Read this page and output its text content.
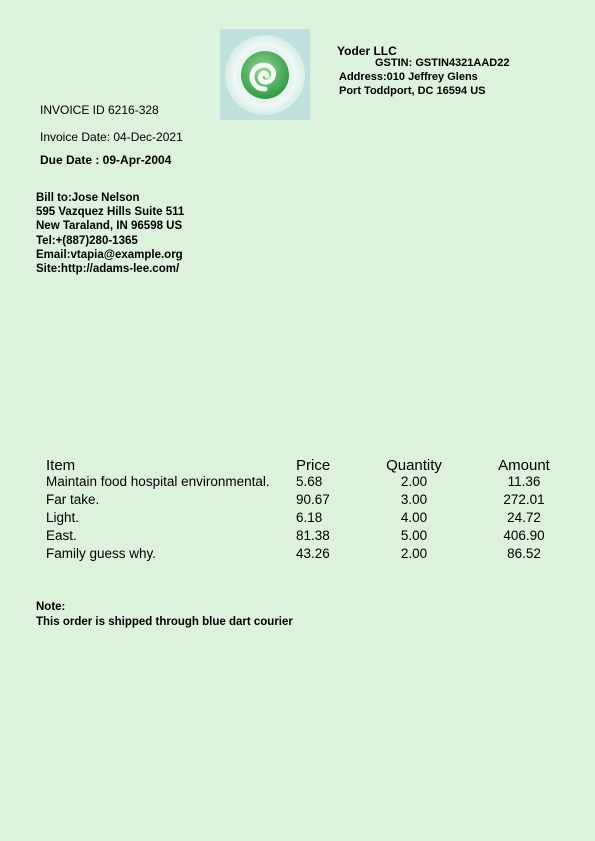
Yoder LLC
GSTIN: GSTIN4321AAD22
Address:010 Jeffrey Glens
Port Toddport, DC 16594 US
INVOICE ID 6216-328
Invoice Date: 04-Dec-2021
Due Date : 09-Apr-2004
Bill to:Jose Nelson
595 Vazquez Hills Suite 511
New Taraland, IN 96598 US
Tel:+(887)280-1365
Email:vtapia@example.org
Site:http://adams-lee.com/
Item	Price	Quantity	Amount
Maintain food hospital environmental. 5.68	2.00	11.36
Far take.	90.67	3.00	272.01
Light.	6.18	4.00	24.72
East.	81.38	5.00	406.90
Family guess why.	43.26	2.00	86.52
Note:
This order is shipped through blue dart courier
